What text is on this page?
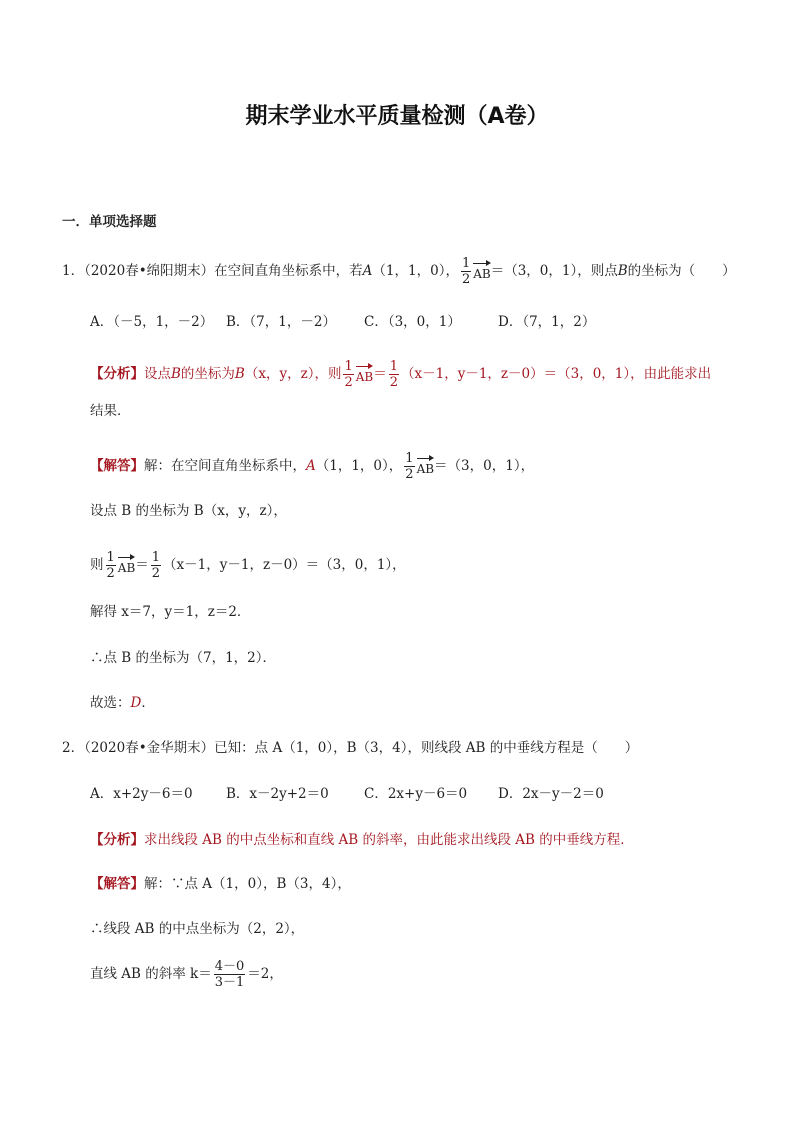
期末学业水平质量检测（A卷）
一．单项选择题
1．（2020春•绵阳期末）在空间直角坐标系中，若A（1，1，0）， $\frac{1}{2} AB=(3$，0，1），则点B的坐标为（　　）
A．（－5，1，－2） B．（7，1，－2） C．（3，0，1）	D．（7，1，2）
【分析】设点B的坐标为B（x，y，z），则 $\frac{1}{2} AB= \frac{1}{2} (x-1$，y－1，z－0）＝（3，0，1），由此能求出
结果．
【解答】解：在空间直角坐标系中，A（1，1，0）， $\frac{1}{2} AB=(3$，0，1），
设点 B 的坐标为 B（x，y，z），
则 $\frac{1}{2} AB= \frac{1}{2} (x-1$，y－1，z－0）＝（3，0，1），
解得 x＝7，y＝1，z＝2．
∴点 B 的坐标为（7，1，2）．
故选：D．
2．（2020春•金华期末）已知：点 A（1，0），B（3，4），则线段 AB 的中垂线方程是（　　）
A．x+2y－6＝0 B．x－2y+2＝0	C．2x+y－6＝0 D．2x－y－2＝0
【分析】求出线段 AB 的中点坐标和直线 AB 的斜率，由此能求出线段 AB 的中垂线方程．
【解答】解：∵点 A（1，0），B（3，4），
∴线段 AB 的中点坐标为（2，2），
直线 AB 的斜率 $k= \frac{4-0}{3-1} =2$，
